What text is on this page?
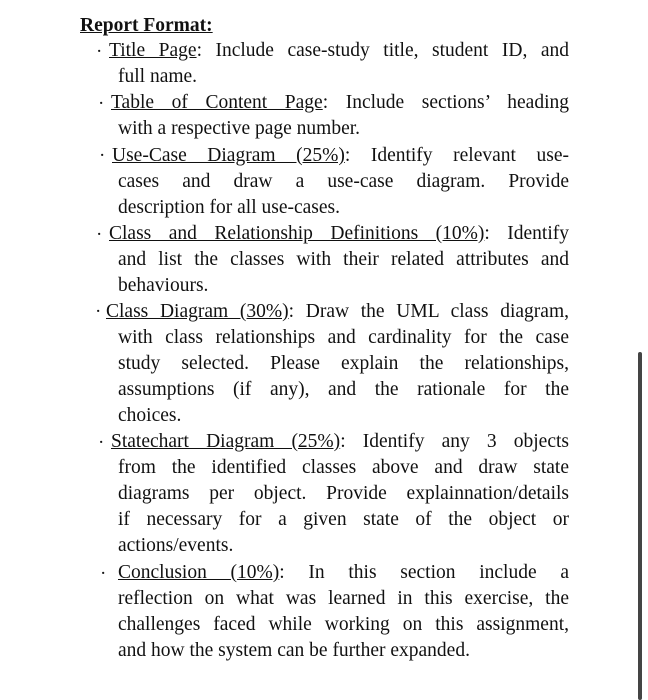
Report Format:
· Title Page: Include case-study title, student ID, and
full name.
· Table of Content Page: Include sections’ heading
with a respective page number.
· Use-Case Diagram (25%): Identify relevant use-
cases and draw a use-case diagram. Provide
description for all use-cases.
· Class and Relationship Definitions (10%): Identify
and list the classes with their related attributes and
behaviours.
· Class Diagram (30%): Draw the UML class diagram,
with class relationships and cardinality for the case
study selected. Please explain the relationships,
assumptions (if any), and the rationale for the
choices.
· Statechart Diagram (25%): Identify any 3 objects
from the identified classes above and draw state
diagrams per object. Provide explainnation/details
if necessary for a given state of the object or
actions/events.
· Conclusion (10%): In this section include a
reflection on what was learned in this exercise, the
challenges faced while working on this assignment,
and how the system can be further expanded.
